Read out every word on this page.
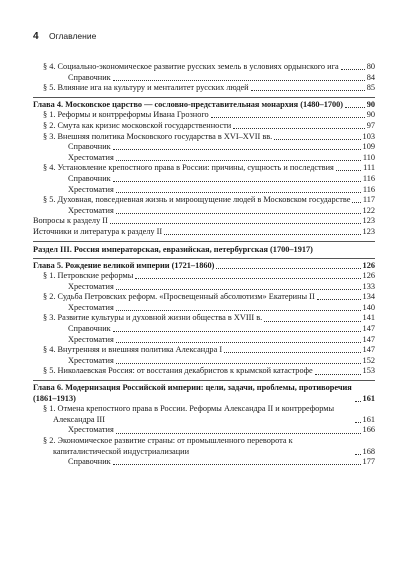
4 Оглавление
§ 4. Социально-экономическое развитие русских земель в условиях ордынского ига	80
Справочник	84
§ 5. Влияние ига на культуру и менталитет русских людей	85
Глава 4. Московское царство — сословно-представительная монархия (1480–1700)	90
§ 1. Реформы и контрреформы Ивана Грозного	90
§ 2. Смута как кризис московской государственности	97
§ 3. Внешняя политика Московского государства в XVI–XVII вв.	103
Справочник	109
Хрестоматия	110
§ 4. Установление крепостного права в России: причины, сущность и последствия	111
Справочник	116
Хрестоматия	116
§ 5. Духовная, повседневная жизнь и мироощущение людей в Московском государстве 117
Хрестоматия	122
Вопросы к разделу II	123
Источники и литература к разделу II	123
Раздел III. Россия императорская, евразийская, петербургская (1700–1917)
Глава 5. Рождение великой империи (1721–1860)	126
§ 1. Петровские реформы	126
Хрестоматия	133
§ 2. Судьба Петровских реформ. «Просвещенный абсолютизм» Екатерины II	134
Хрестоматия	140
§ 3. Развитие культуры и духовной жизни общества в XVIII в.	141
Справочник	147
Хрестоматия	147
§ 4. Внутренняя и внешняя политика Александра I	147
Хрестоматия	152
§ 5. Николаевская Россия: от восстания декабристов к крымской катастрофе	153
Глава 6. Модернизация Российской империи: цели, задачи, проблемы, противоречия (1861–1913)	161
§ 1. Отмена крепостного права в России. Реформы Александра II и контрреформы Александра III	161
Хрестоматия	166
§ 2. Экономическое развитие страны: от промышленного переворота к капиталистической индустриализации	168
Справочник	177
